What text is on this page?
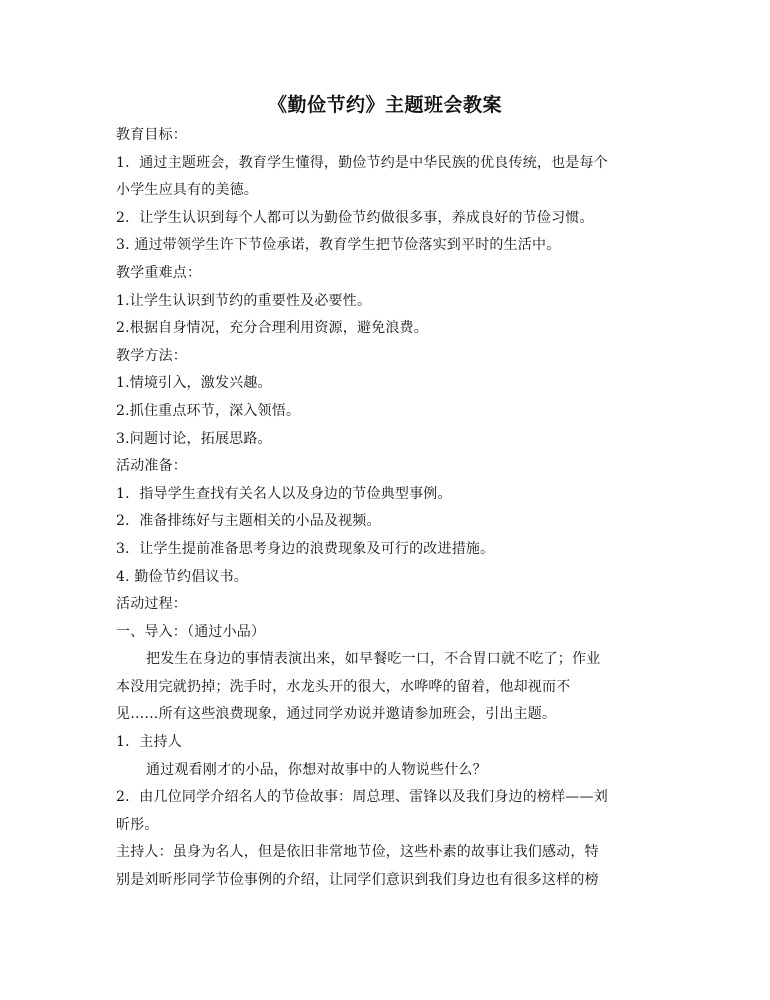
《勤俭节约》主题班会教案
教育目标：
1．通过主题班会，教育学生懂得，勤俭节约是中华民族的优良传统，也是每个
小学生应具有的美德。
2．让学生认识到每个人都可以为勤俭节约做很多事，养成良好的节俭习惯。
3. 通过带领学生许下节俭承诺，教育学生把节俭落实到平时的生活中。
教学重难点：
1.让学生认识到节约的重要性及必要性。
2.根据自身情况，充分合理利用资源，避免浪费。
教学方法：
1.情境引入，激发兴趣。
2.抓住重点环节，深入领悟。
3.问题讨论，拓展思路。
活动准备：
1．指导学生查找有关名人以及身边的节俭典型事例。
2．准备排练好与主题相关的小品及视频。
3．让学生提前准备思考身边的浪费现象及可行的改进措施。
4. 勤俭节约倡议书。
活动过程：
一、导入：（通过小品）
把发生在身边的事情表演出来，如早餐吃一口，不合胃口就不吃了；作业
本没用完就扔掉；洗手时，水龙头开的很大，水哗哗的留着，他却视而不
见……所有这些浪费现象，通过同学劝说并邀请参加班会，引出主题。
1．主持人
通过观看刚才的小品，你想对故事中的人物说些什么？
2．由几位同学介绍名人的节俭故事：周总理、雷锋以及我们身边的榜样——刘
昕彤。
主持人：虽身为名人，但是依旧非常地节俭，这些朴素的故事让我们感动，特
别是刘昕彤同学节俭事例的介绍，让同学们意识到我们身边也有很多这样的榜
